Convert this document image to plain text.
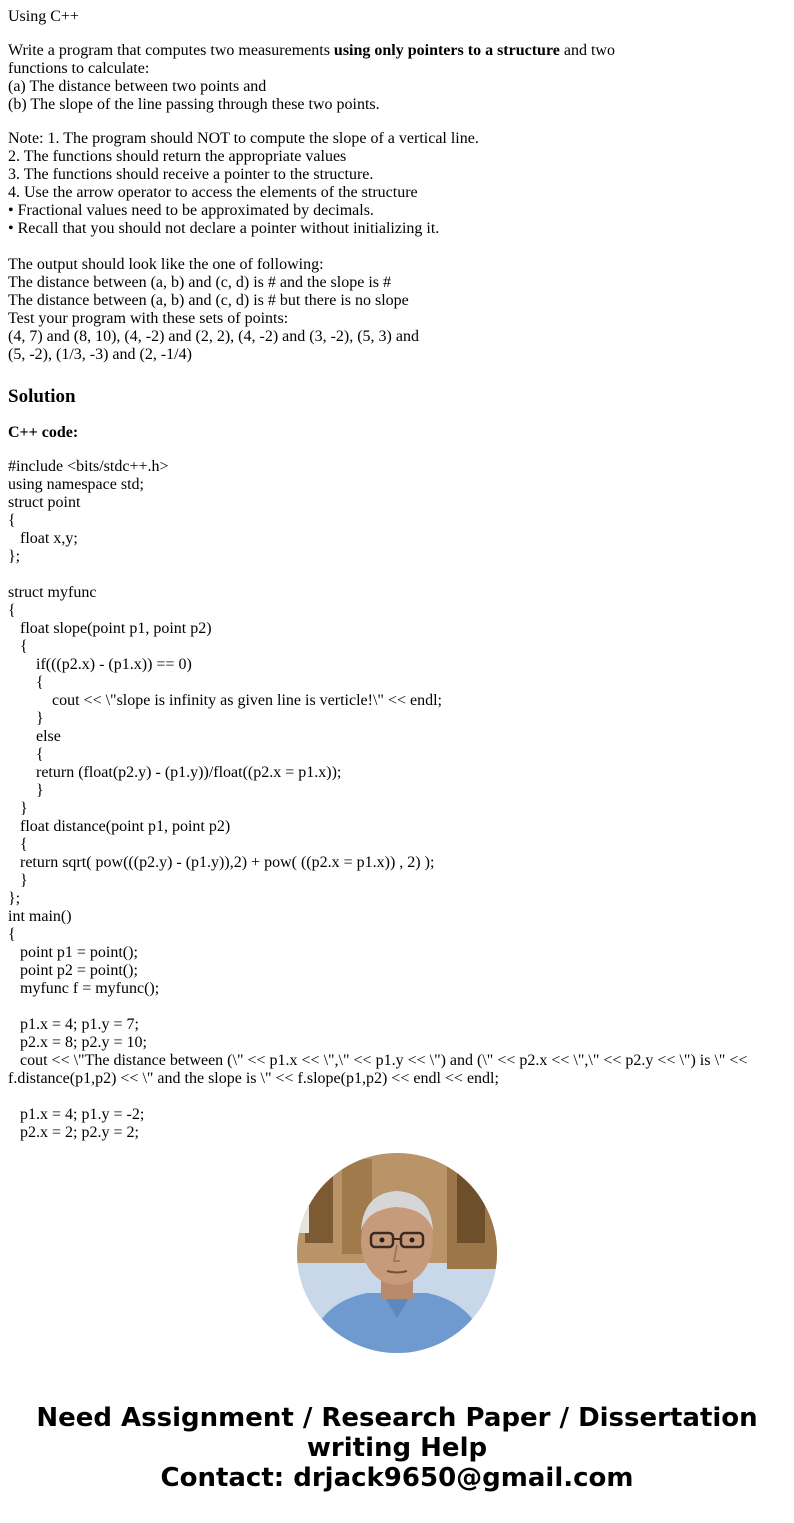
Using C++
Write a program that computes two measurements using only pointers to a structure and two
functions to calculate:
(a) The distance between two points and
(b) The slope of the line passing through these two points.
Note: 1. The program should NOT to compute the slope of a vertical line.
2. The functions should return the appropriate values
3. The functions should receive a pointer to the structure.
4. Use the arrow operator to access the elements of the structure
• Fractional values need to be approximated by decimals.
• Recall that you should not declare a pointer without initializing it.
The output should look like the one of following:
The distance between (a, b) and (c, d) is # and the slope is #
The distance between (a, b) and (c, d) is # but there is no slope
Test your program with these sets of points:
(4, 7) and (8, 10), (4, -2) and (2, 2), (4, -2) and (3, -2), (5, 3) and
(5, -2), (1/3, -3) and (2, -1/4)
Solution
C++ code:
#include <bits/stdc++.h>
using namespace std;
struct point
{
float x,y;
};
struct myfunc
{
float slope(point p1, point p2)
{
if(((p2.x) - (p1.x)) == 0)
{
cout << \"slope is infinity as given line is verticle!\" << endl;
}
else
{
return (float(p2.y) - (p1.y))/float((p2.x = p1.x));
}
}
float distance(point p1, point p2)
{
return sqrt( pow(((p2.y) - (p1.y)),2) + pow( ((p2.x = p1.x)) , 2) );
}
};
int main()
{
point p1 = point();
point p2 = point();
myfunc f = myfunc();
p1.x = 4; p1.y = 7;
p2.x = 8; p2.y = 10;
cout << \"The distance between (\" << p1.x << \",\" << p1.y << \") and (\" << p2.x << \",\" << p2.y << \") is \" << f.distance(p1,p2) << \" and the slope is \" << f.slope(p1,p2) << endl << endl;
p1.x = 4; p1.y = -2;
p2.x = 2; p2.y = 2;
Need Assignment / Research Paper / Dissertation
writing Help
Contact: drjack9650@gmail.com
